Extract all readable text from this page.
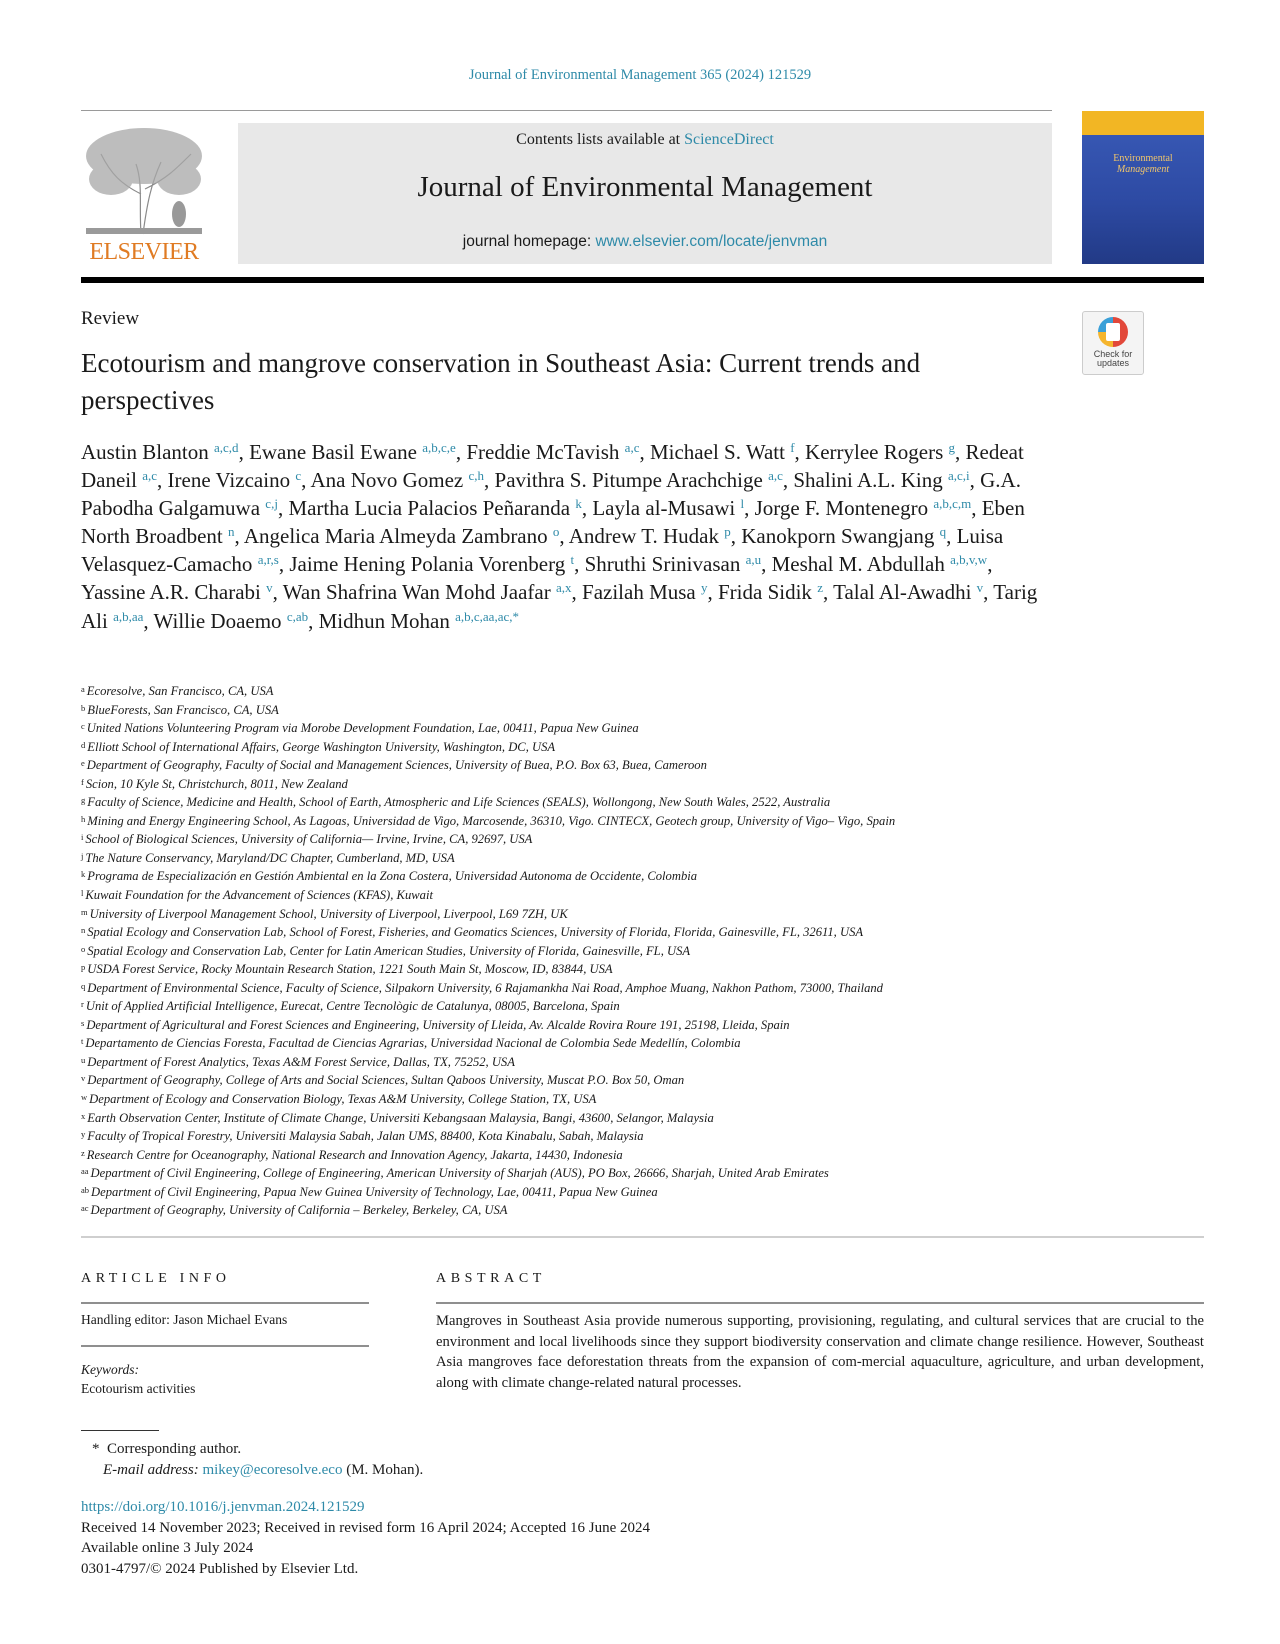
Journal of Environmental Management 365 (2024) 121529
ELSEVIER
Contents lists available at ScienceDirect
Journal of Environmental Management
journal homepage: www.elsevier.com/locate/jenvman
Environmental
Management
Review
Check for updates
Ecotourism and mangrove conservation in Southeast Asia: Current trends and perspectives
Austin Blanton $^{a,c,d}$, Ewane Basil Ewane $^{a,b,c,e}$, Freddie McTavish $^{a,c}$, Michael S. Watt $^f$, Kerrylee Rogers $^g$, Redeat Daneil $^{a,c}$, Irene Vizcaino $^c$, Ana Novo Gomez $^{c,h}$, Pavithra S. Pitumpe Arachchige $^{a,c}$, Shalini A.L. King $^{a,c,i}$, G.A. Pabodha Galgamuwa $^{c,j}$, Martha Lucia Palacios Peñaranda $^k$, Layla al-Musawi $^l$, Jorge F. Montenegro $^{a,b,c,m}$, Eben North Broadbent $^n$, Angelica Maria Almeyda Zambrano $^o$, Andrew T. Hudak $^p$, Kanokporn Swangjang $^q$, Luisa Velasquez-Camacho $^{a,r,s}$, Jaime Hening Polania Vorenberg $^t$, Shruthi Srinivasan $^{a,u}$, Meshal M. Abdullah $^{a,b,v,w}$, Yassine A.R. Charabi $^v$, Wan Shafrina Wan Mohd Jaafar $^{a,x}$, Fazilah Musa $^y$, Frida Sidik $^z$, Talal Al-Awadhi $^v$, Tarig Ali $^{a,b,aa}$, Willie Doaemo $^{c,ab}$, Midhun Mohan $^{a,b,c,aa,ac,*}$
$^a$ Ecoresolve, San Francisco, CA, USA
$^b$ BlueForests, San Francisco, CA, USA
$^c$ United Nations Volunteering Program via Morobe Development Foundation, Lae, 00411, Papua New Guinea
$^d$ Elliott School of International Affairs, George Washington University, Washington, DC, USA
$^e$ Department of Geography, Faculty of Social and Management Sciences, University of Buea, P.O. Box 63, Buea, Cameroon
$^f$ Scion, 10 Kyle St, Christchurch, 8011, New Zealand
$^g$ Faculty of Science, Medicine and Health, School of Earth, Atmospheric and Life Sciences (SEALS), Wollongong, New South Wales, 2522, Australia
$^h$ Mining and Energy Engineering School, As Lagoas, Universidad de Vigo, Marcosende, 36310, Vigo. CINTECX, Geotech group, University of Vigo– Vigo, Spain
$^i$ School of Biological Sciences, University of California— Irvine, Irvine, CA, 92697, USA
$^j$ The Nature Conservancy, Maryland/DC Chapter, Cumberland, MD, USA
$^k$ Programa de Especialización en Gestión Ambiental en la Zona Costera, Universidad Autonoma de Occidente, Colombia
$^l$ Kuwait Foundation for the Advancement of Sciences (KFAS), Kuwait
$^m$ University of Liverpool Management School, University of Liverpool, Liverpool, L69 7ZH, UK
$^n$ Spatial Ecology and Conservation Lab, School of Forest, Fisheries, and Geomatics Sciences, University of Florida, Florida, Gainesville, FL, 32611, USA
$^o$ Spatial Ecology and Conservation Lab, Center for Latin American Studies, University of Florida, Gainesville, FL, USA
$^p$ USDA Forest Service, Rocky Mountain Research Station, 1221 South Main St, Moscow, ID, 83844, USA
$^q$ Department of Environmental Science, Faculty of Science, Silpakorn University, 6 Rajamankha Nai Road, Amphoe Muang, Nakhon Pathom, 73000, Thailand
$^r$ Unit of Applied Artificial Intelligence, Eurecat, Centre Tecnològic de Catalunya, 08005, Barcelona, Spain
$^s$ Department of Agricultural and Forest Sciences and Engineering, University of Lleida, Av. Alcalde Rovira Roure 191, 25198, Lleida, Spain
$^t$ Departamento de Ciencias Foresta, Facultad de Ciencias Agrarias, Universidad Nacional de Colombia Sede Medellín, Colombia
$^u$ Department of Forest Analytics, Texas A&M Forest Service, Dallas, TX, 75252, USA
$^v$ Department of Geography, College of Arts and Social Sciences, Sultan Qaboos University, Muscat P.O. Box 50, Oman
$^w$ Department of Ecology and Conservation Biology, Texas A&M University, College Station, TX, USA
$^x$ Earth Observation Center, Institute of Climate Change, Universiti Kebangsaan Malaysia, Bangi, 43600, Selangor, Malaysia
$^y$ Faculty of Tropical Forestry, Universiti Malaysia Sabah, Jalan UMS, 88400, Kota Kinabalu, Sabah, Malaysia
$^z$ Research Centre for Oceanography, National Research and Innovation Agency, Jakarta, 14430, Indonesia
$^{aa}$ Department of Civil Engineering, College of Engineering, American University of Sharjah (AUS), PO Box, 26666, Sharjah, United Arab Emirates
$^{ab}$ Department of Civil Engineering, Papua New Guinea University of Technology, Lae, 00411, Papua New Guinea
$^{ac}$ Department of Geography, University of California – Berkeley, Berkeley, CA, USA
ARTICLE INFO	ABSTRACT
Handling editor: Jason Michael Evans
Keywords:
Ecotourism activities
Mangroves in Southeast Asia provide numerous supporting, provisioning, regulating, and cultural services that are crucial to the environment and local livelihoods since they support biodiversity conservation and climate change resilience. However, Southeast Asia mangroves face deforestation threats from the expansion of com-mercial aquaculture, agriculture, and urban development, along with climate change-related natural processes.
* Corresponding author.
E-mail address: mikey@ecoresolve.eco (M. Mohan).
https://doi.org/10.1016/j.jenvman.2024.121529
Received 14 November 2023; Received in revised form 16 April 2024; Accepted 16 June 2024
Available online 3 July 2024
0301-4797/© 2024 Published by Elsevier Ltd.
